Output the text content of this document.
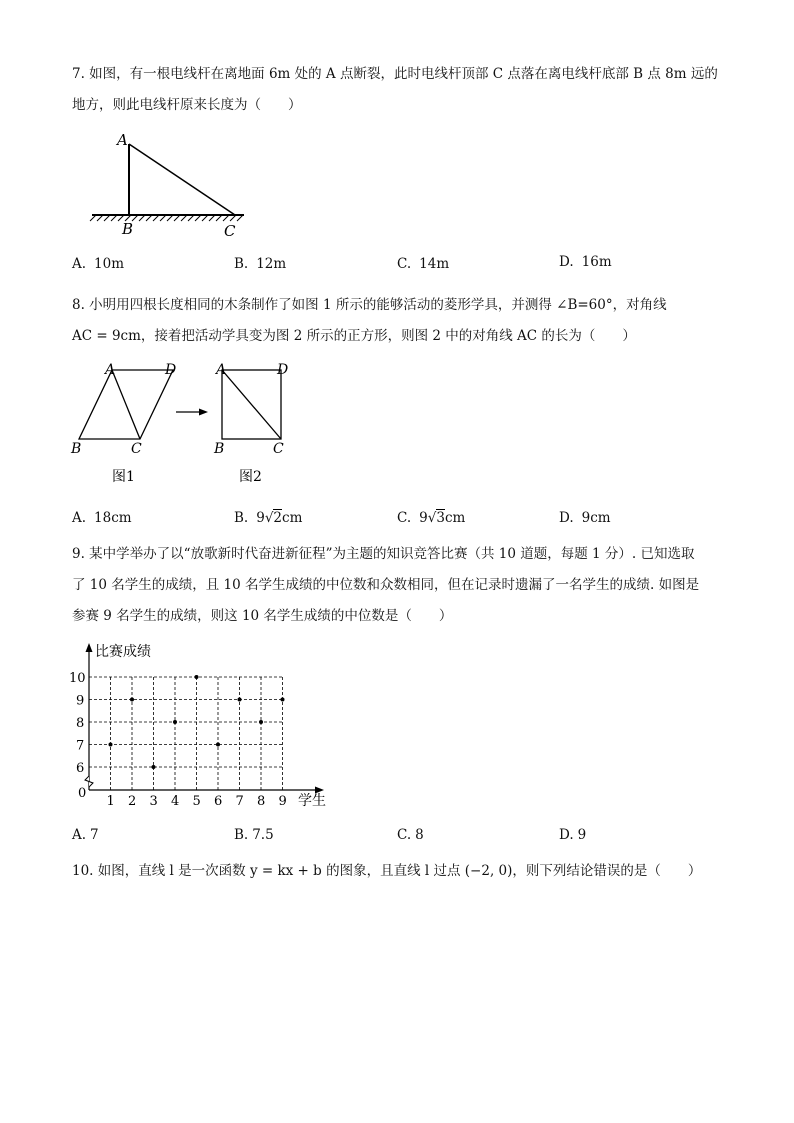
7. 如图，有一根电线杆在离地面 6m 处的 A 点断裂，此时电线杆顶部 C 点落在离电线杆底部 B 点 8m 远的
地方，则此电线杆原来长度为（　　）
A
B	C
A. 10m	B. 12m	C. 14m	D. 16m
8. 小明用四根长度相同的木条制作了如图 1 所示的能够活动的菱形学具，并测得 ∠B=60°，对角线
AC = 9cm，接着把活动学具变为图 2 所示的正方形，则图 2 中的对角线 AC 的长为（　　）
A	D
B	C
图1
A	D
B	C
图2
A. 18cm	B. 9√2cm	C. 9√3cm	D. 9cm
9. 某中学举办了以“放歌新时代奋进新征程”为主题的知识竞答比赛（共 10 道题，每题 1 分）. 已知选取
了 10 名学生的成绩，且 10 名学生成绩的中位数和众数相同，但在记录时遗漏了一名学生的成绩. 如图是
参赛 9 名学生的成绩，则这 10 名学生成绩的中位数是（　　）
比赛成绩
学生
0
1 2 3 4 5 6 7 8 9
6
7
8
9
10
A. 7	B. 7.5	C. 8	D. 9
10. 如图，直线 l 是一次函数 y = kx + b 的图象，且直线 l 过点 (−2, 0)，则下列结论错误的是（　　）
